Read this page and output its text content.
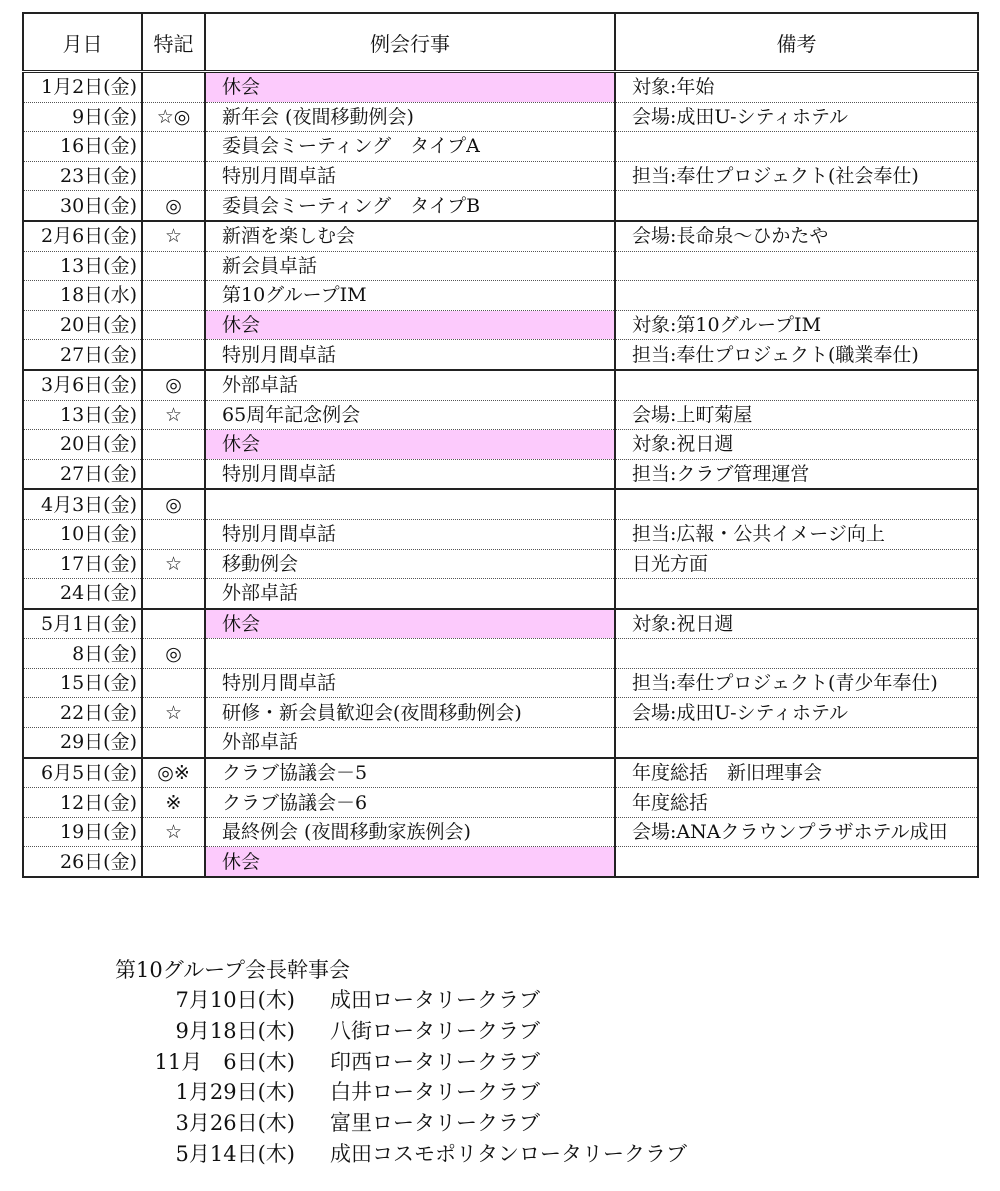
月日	特記	例会行事	備考
1月2日(金)		休会	対象:年始
9日(金)	☆◎	新年会 (夜間移動例会)	会場:成田U-シティホテル
16日(金)		委員会ミーティング　タイプA	
23日(金)		特別月間卓話	担当:奉仕プロジェクト(社会奉仕)
30日(金)	◎	委員会ミーティング　タイプB	
2月6日(金)	☆	新酒を楽しむ会	会場:長命泉～ひかたや
13日(金)		新会員卓話	
18日(水)		第10グループIM	
20日(金)		休会	対象:第10グループIM
27日(金)		特別月間卓話	担当:奉仕プロジェクト(職業奉仕)
3月6日(金)	◎	外部卓話	
13日(金)	☆	65周年記念例会	会場:上町菊屋
20日(金)		休会	対象:祝日週
27日(金)		特別月間卓話	担当:クラブ管理運営
4月3日(金)	◎		
10日(金)		特別月間卓話	担当:広報・公共イメージ向上
17日(金)	☆	移動例会	日光方面
24日(金)		外部卓話	
5月1日(金)		休会	対象:祝日週
8日(金)	◎		
15日(金)		特別月間卓話	担当:奉仕プロジェクト(青少年奉仕)
22日(金)	☆	研修・新会員歓迎会(夜間移動例会)	会場:成田U-シティホテル
29日(金)		外部卓話	
6月5日(金)	◎※	クラブ協議会－5	年度総括　新旧理事会
12日(金)	※	クラブ協議会－6	年度総括
19日(金)	☆	最終例会 (夜間移動家族例会)	会場:ANAクラウンプラザホテル成田
26日(金)		休会	
第10グループ会長幹事会
7月10日(木) 成田ロータリークラブ
9月18日(木) 八街ロータリークラブ
11月　6日(木) 印西ロータリークラブ
1月29日(木) 白井ロータリークラブ
3月26日(木) 富里ロータリークラブ
5月14日(木) 成田コスモポリタンロータリークラブ
